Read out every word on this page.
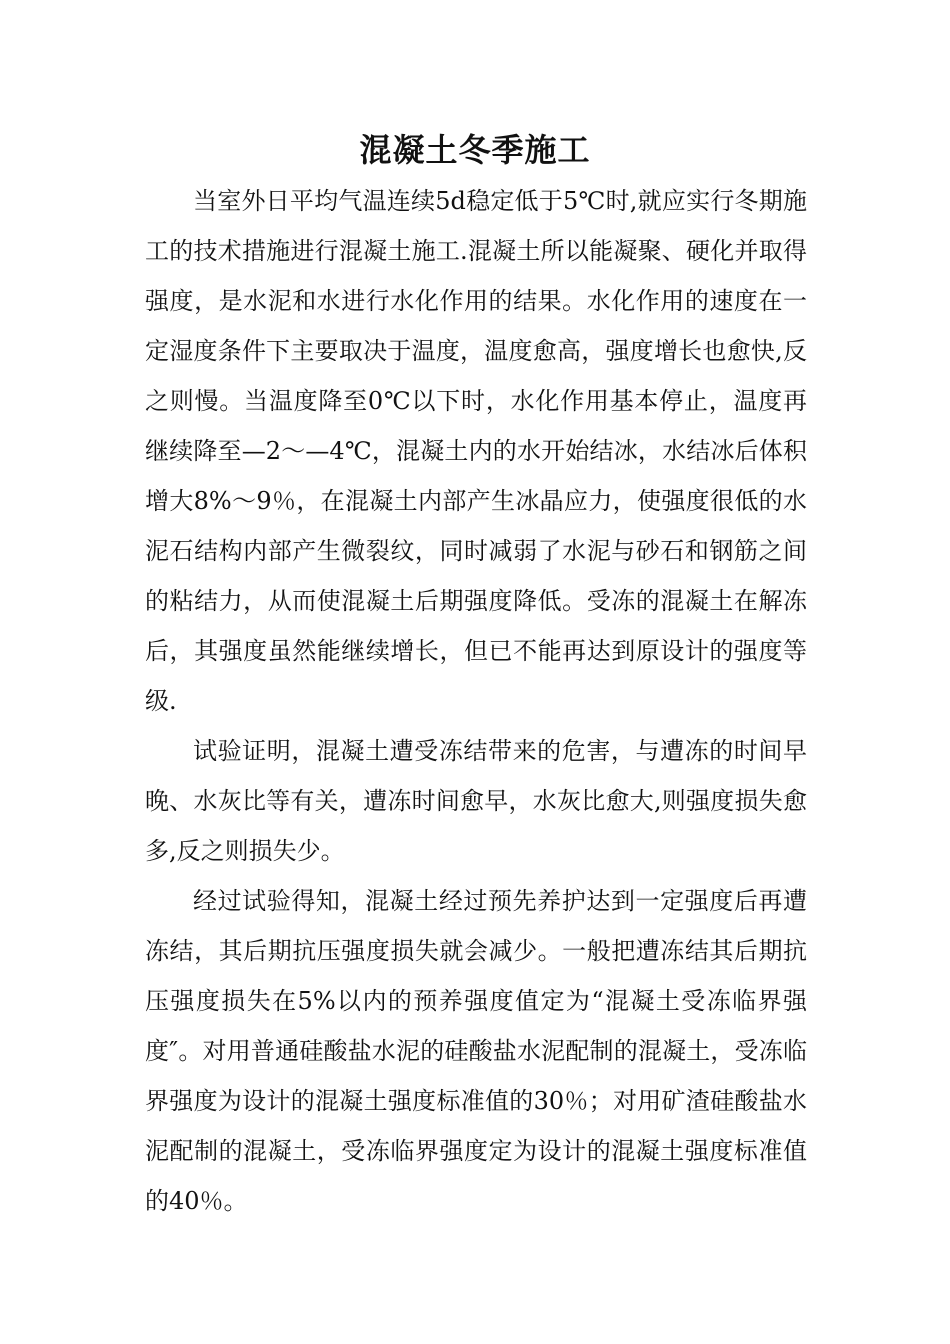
混凝土冬季施工

当室外日平均气温连续5d稳定低于5℃时,就应实行冬期施工的技术措施进行混凝土施工.混凝土所以能凝聚、硬化并取得强度，是水泥和水进行水化作用的结果。水化作用的速度在一定湿度条件下主要取决于温度，温度愈高，强度增长也愈快,反之则慢。当温度降至0℃以下时，水化作用基本停止，温度再继续降至—2～—4℃，混凝土内的水开始结冰，水结冰后体积增大8%～9％，在混凝土内部产生冰晶应力，使强度很低的水泥石结构内部产生微裂纹，同时减弱了水泥与砂石和钢筋之间的粘结力，从而使混凝土后期强度降低。受冻的混凝土在解冻后，其强度虽然能继续增长，但已不能再达到原设计的强度等级.

试验证明，混凝土遭受冻结带来的危害，与遭冻的时间早晚、水灰比等有关，遭冻时间愈早，水灰比愈大,则强度损失愈多,反之则损失少。

经过试验得知，混凝土经过预先养护达到一定强度后再遭冻结，其后期抗压强度损失就会减少。一般把遭冻结其后期抗压强度损失在5%以内的预养强度值定为“混凝土受冻临界强度″。对用普通硅酸盐水泥的硅酸盐水泥配制的混凝土，受冻临界强度为设计的混凝土强度标准值的30％；对用矿渣硅酸盐水泥配制的混凝土，受冻临界强度定为设计的混凝土强度标准值的40％。
